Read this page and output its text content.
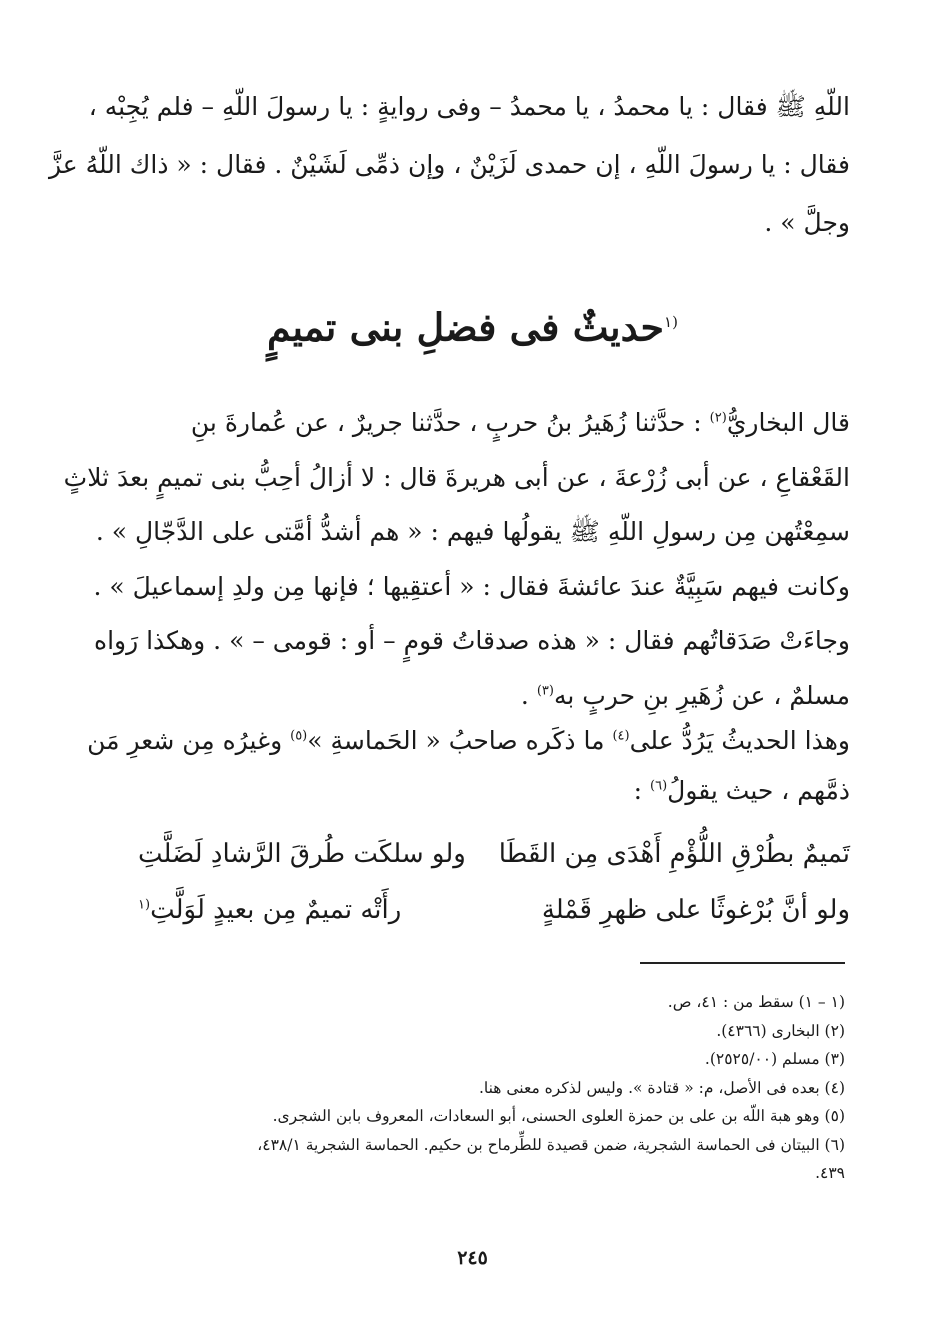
اللّهِ ﷺ فقال : يا محمدُ ، يا محمدُ – وفى روايةٍ : يا رسولَ اللّهِ – فلم يُجِبْه ،
فقال : يا رسولَ اللّهِ ، إن حمدى لَزَيْنٌ ، وإن ذمِّى لَشَيْنٌ . فقال : « ذاك اللّهُ عزَّ
وجلَّ » .
$^{(١}$حديثٌ فى فضلِ بنى تميمٍ
قال البخاريُّ$^{(٢)}$ : حدَّثنا زُهَيرُ بنُ حربٍ ، حدَّثنا جريرٌ ، عن عُمارةَ بنِ
القَعْقاعِ ، عن أبى زُرْعةَ ، عن أبى هريرةَ قال : لا أزالُ أحِبُّ بنى تميمٍ بعدَ ثلاثٍ
سمِعْتُهن مِن رسولِ اللّهِ ﷺ يقولُها فيهم : « هم أشدُّ أمَّتى على الدَّجّالِ » .
وكانت فيهم سَبِيَّةٌ عندَ عائشةَ فقال : « أعتقِيها ؛ فإنها مِن ولدِ إسماعيلَ » .
وجاءَتْ صَدَقاتُهم فقال : « هذه صدقاتُ قومٍ – أو : قومى – » . وهكذا رَواه
مسلمٌ ، عن زُهَيرِ بنِ حربٍ به$^{(٣)}$ .
وهذا الحديثُ يَرُدُّ على$^{(٤)}$ ما ذكَره صاحبُ « الحَماسةِ »$^{(٥)}$ وغيرُه مِن شعرِ مَن
ذمَّهم ، حيث يقولُ$^{(٦)}$ :
تَميمٌ بطُرْقِ اللُّؤْمِ أَهْدَى مِن القَطَا
ولو سلكَت طُرقَ الرَّشادِ لَضَلَّتِ
ولو أنَّ بُرْغوثًا على ظهرِ قَمْلةٍ
رأَتْه تميمٌ مِن بعيدٍ لَوَلَّتِ$^{(١}$
(١ – ١) سقط من : ٤١، ص.
(٢) البخارى (٤٣٦٦).
(٣) مسلم (٢٥٢٥/٠٠).
(٤) بعده فى الأصل، م: « قتادة ». وليس لذكره معنى هنا.
(٥) وهو هبة اللّه بن على بن حمزة العلوى الحسنى، أبو السعادات، المعروف بابن الشجرى.
(٦) البيتان فى الحماسة الشجرية، ضمن قصيدة للطِّرماح بن حكيم. الحماسة الشجرية ٤٣٨/١،
٤٣٩.
٢٤٥
